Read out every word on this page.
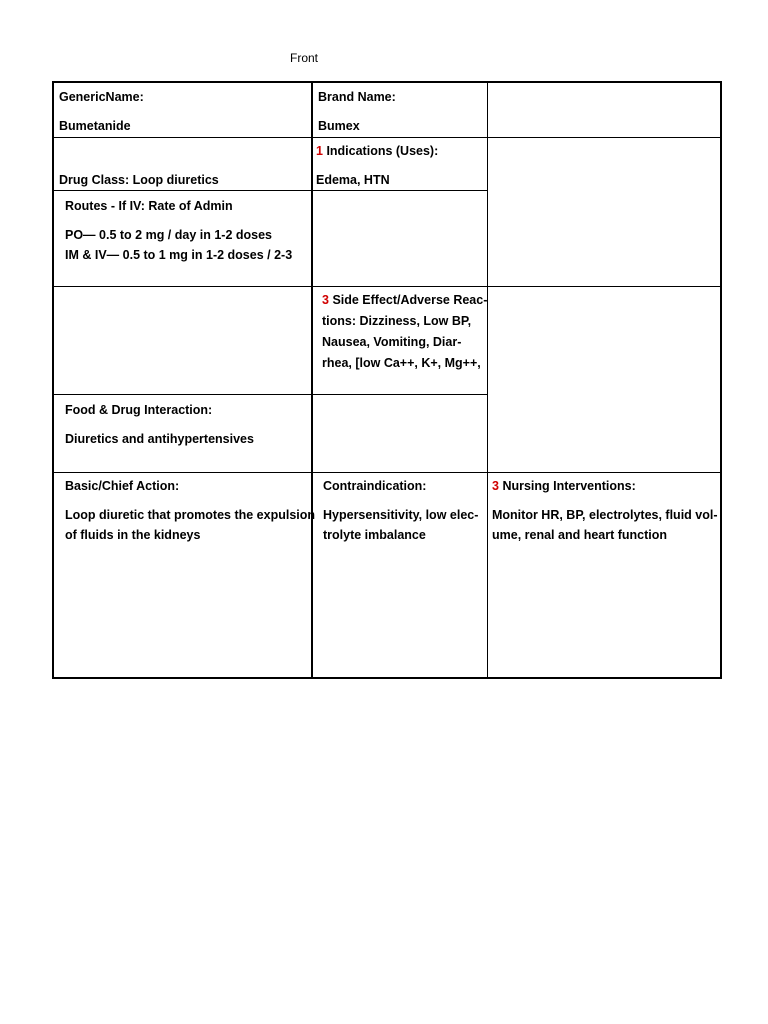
Front
GenericName:
Bumetanide
Brand Name:
Bumex
Drug Class: Loop diuretics
1 Indications (Uses):
Edema, HTN
Routes - If IV: Rate of Admin
PO— 0.5 to 2 mg / day in 1-2 doses
IM & IV— 0.5 to 1 mg in 1-2 doses / 2-3
3 Side Effect/Adverse Reac-
tions: Dizziness, Low BP,
Nausea, Vomiting, Diar-
rhea, [low Ca++, K+, Mg++,
Food & Drug Interaction:
Diuretics and antihypertensives
Basic/Chief Action:
Loop diuretic that promotes the expulsion
of fluids in the kidneys
Contraindication:
Hypersensitivity, low elec-
trolyte imbalance
3 Nursing Interventions:
Monitor HR, BP, electrolytes, fluid vol-
ume, renal and heart function
